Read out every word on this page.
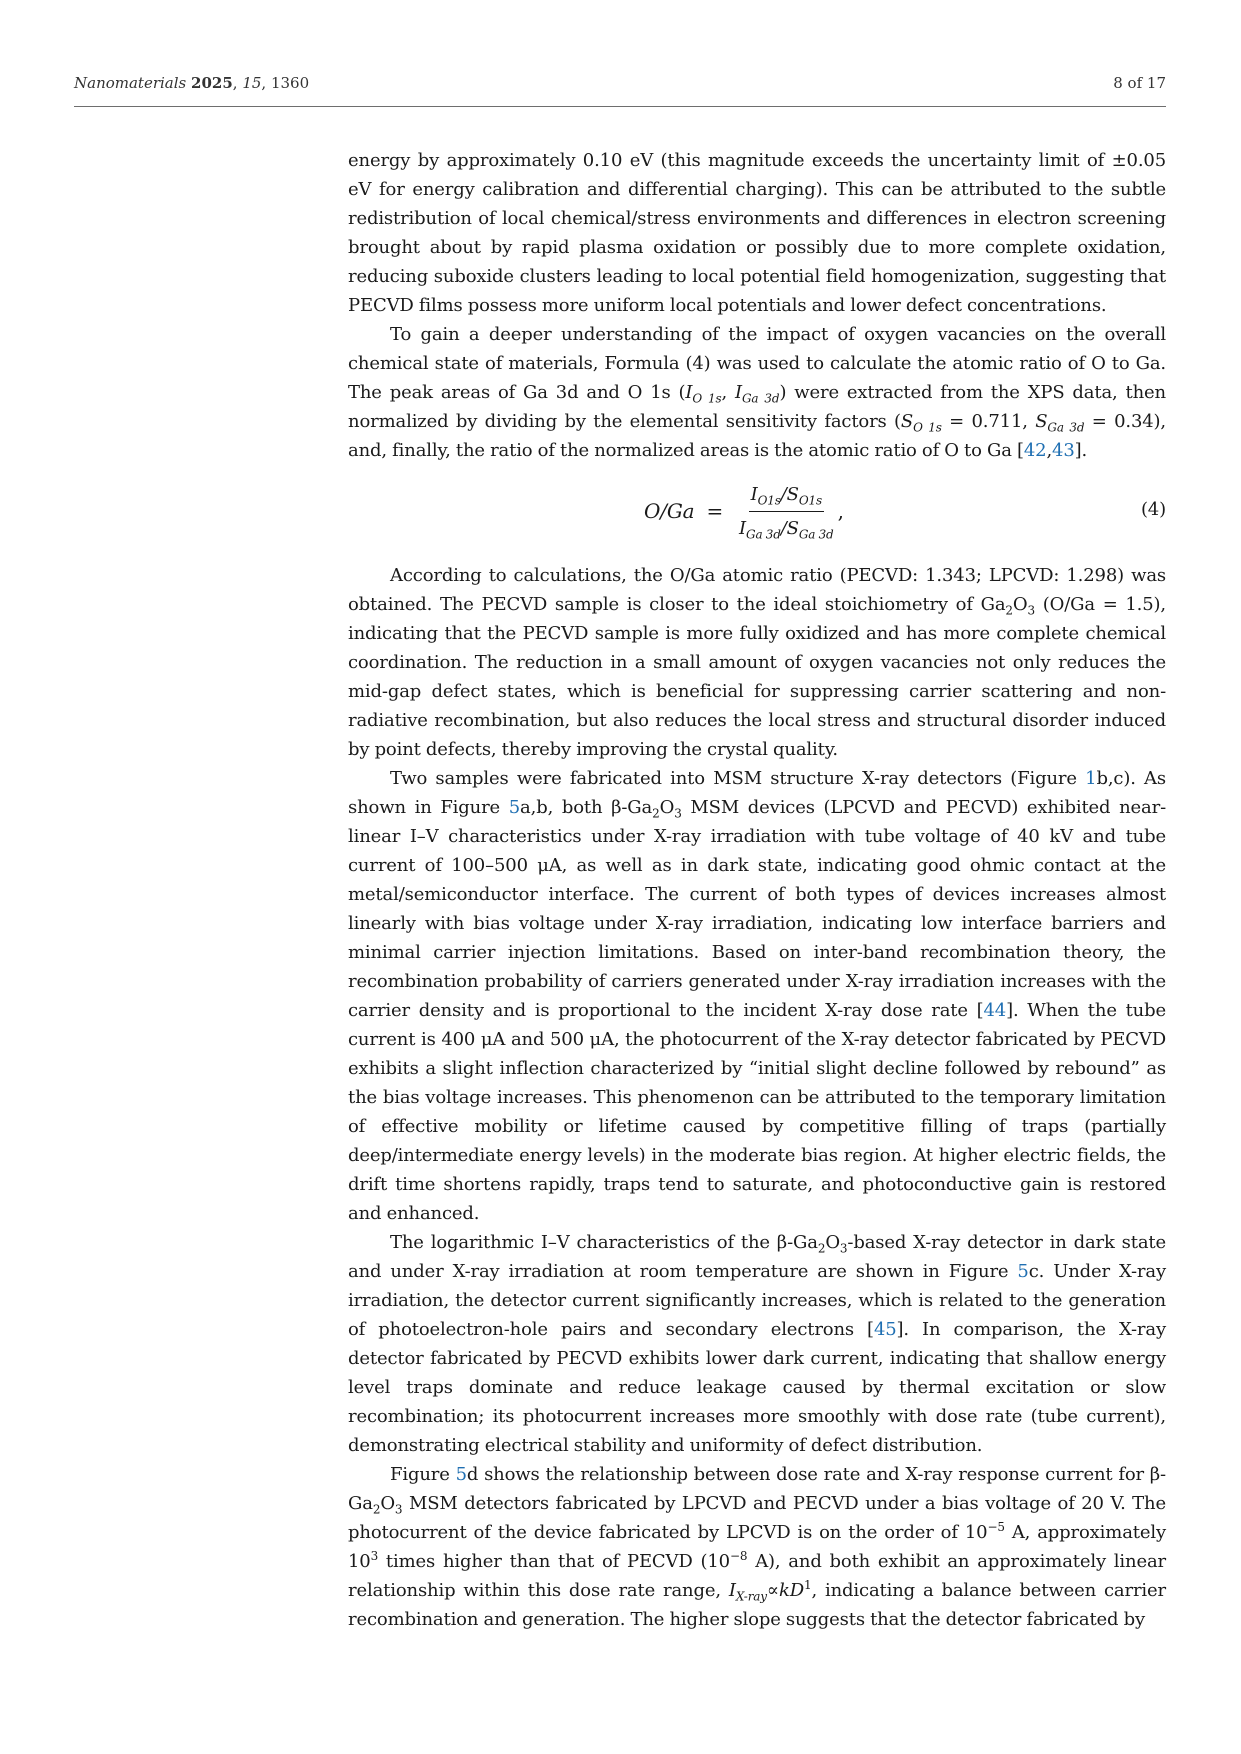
Nanomaterials 2025, 15, 1360	8 of 17

energy by approximately 0.10 eV (this magnitude exceeds the uncertainty limit of ±0.05 eV for energy calibration and differential charging). This can be attributed to the subtle redistribution of local chemical/stress environments and differences in electron screening brought about by rapid plasma oxidation or possibly due to more complete oxidation, reducing suboxide clusters leading to local potential field homogenization, suggesting that PECVD films possess more uniform local potentials and lower defect concentrations.

To gain a deeper understanding of the impact of oxygen vacancies on the overall chemical state of materials, Formula (4) was used to calculate the atomic ratio of O to Ga. The peak areas of Ga 3d and O 1s ($I_{O 1s}$, $I_{Ga 3d}$) were extracted from the XPS data, then normalized by dividing by the elemental sensitivity factors ($S_{O 1s} = 0.711$, $S_{Ga 3d} = 0.34$), and, finally, the ratio of the normalized areas is the atomic ratio of O to Ga [42,43].

$O/Ga = \frac{I_{O1s}/S_{O1s}}{I_{Ga 3d}/S_{Ga 3d}}$ ,	(4)

According to calculations, the O/Ga atomic ratio (PECVD: 1.343; LPCVD: 1.298) was obtained. The PECVD sample is closer to the ideal stoichiometry of $Ga_2O_3$ (O/Ga = 1.5), indicating that the PECVD sample is more fully oxidized and has more complete chemical coordination. The reduction in a small amount of oxygen vacancies not only reduces the mid-gap defect states, which is beneficial for suppressing carrier scattering and non-radiative recombination, but also reduces the local stress and structural disorder induced by point defects, thereby improving the crystal quality.

Two samples were fabricated into MSM structure X-ray detectors (Figure 1b,c). As shown in Figure 5a,b, both $\beta-Ga_2O_3$ MSM devices (LPCVD and PECVD) exhibited near-linear I–V characteristics under X-ray irradiation with tube voltage of 40 kV and tube current of 100–500 μA, as well as in dark state, indicating good ohmic contact at the metal/semiconductor interface. The current of both types of devices increases almost linearly with bias voltage under X-ray irradiation, indicating low interface barriers and minimal carrier injection limitations. Based on inter-band recombination theory, the recombination probability of carriers generated under X-ray irradiation increases with the carrier density and is proportional to the incident X-ray dose rate [44]. When the tube current is 400 μA and 500 μA, the photocurrent of the X-ray detector fabricated by PECVD exhibits a slight inflection characterized by “initial slight decline followed by rebound” as the bias voltage increases. This phenomenon can be attributed to the temporary limitation of effective mobility or lifetime caused by competitive filling of traps (partially deep/intermediate energy levels) in the moderate bias region. At higher electric fields, the drift time shortens rapidly, traps tend to saturate, and photoconductive gain is restored and enhanced.

The logarithmic I–V characteristics of the $\beta-Ga_2O_3$-based X-ray detector in dark state and under X-ray irradiation at room temperature are shown in Figure 5c. Under X-ray irradiation, the detector current significantly increases, which is related to the generation of photoelectron-hole pairs and secondary electrons [45]. In comparison, the X-ray detector fabricated by PECVD exhibits lower dark current, indicating that shallow energy level traps dominate and reduce leakage caused by thermal excitation or slow recombination; its photocurrent increases more smoothly with dose rate (tube current), demonstrating electrical stability and uniformity of defect distribution.

Figure 5d shows the relationship between dose rate and X-ray response current for $\beta-Ga_2O_3$ MSM detectors fabricated by LPCVD and PECVD under a bias voltage of 20 V. The photocurrent of the device fabricated by LPCVD is on the order of $10^{-5}$ A, approximately $10^3$ times higher than that of PECVD ($10^{-8}$ A), and both exhibit an approximately linear relationship within this dose rate range, $I_{X-ray}\propto kD^1$, indicating a balance between carrier recombination and generation. The higher slope suggests that the detector fabricated by
